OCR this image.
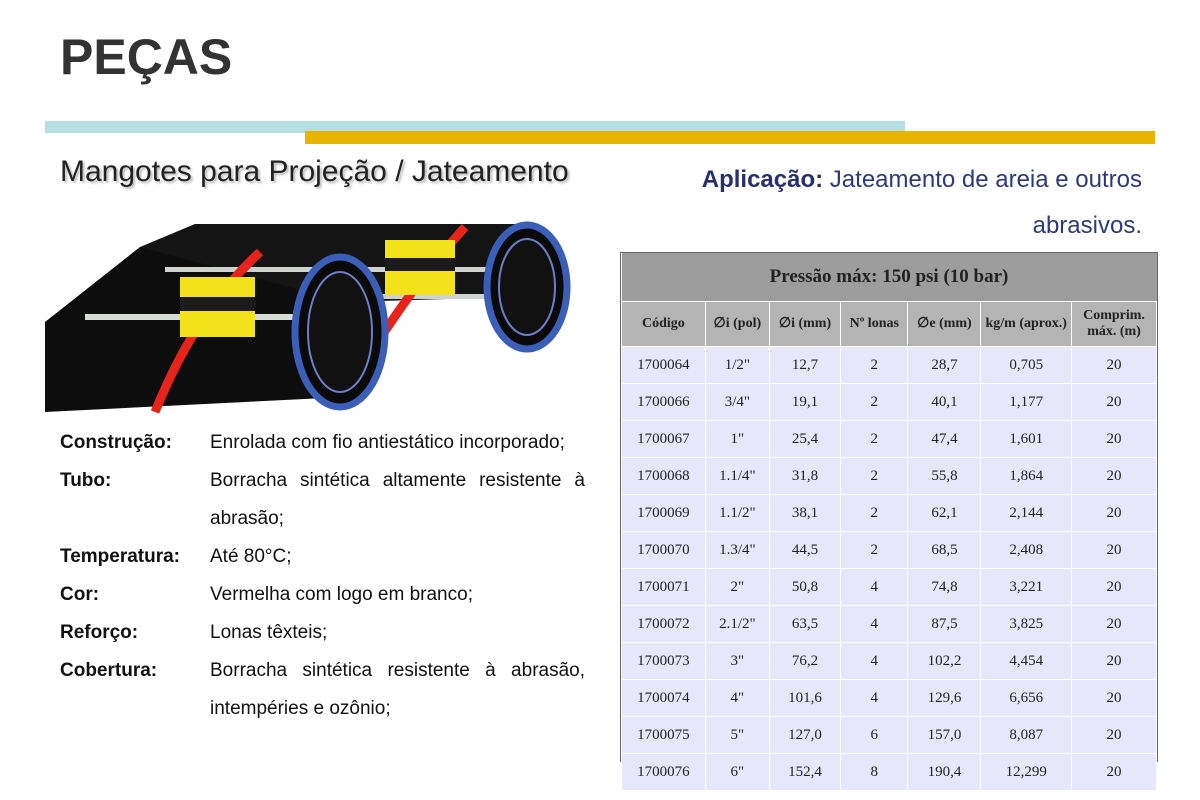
PEÇAS
Mangotes para Projeção / Jateamento	Aplicação: Jateamento de areia e outros abrasivos.
Construção:	Enrolada com fio antiestático incorporado;
Tubo:	Borracha sintética altamente resistente à abrasão;
Temperatura:	Até 80°C;
Cor:	Vermelha com logo em branco;
Reforço:	Lonas têxteis;
Cobertura:	Borracha sintética resistente à abrasão, intempéries e ozônio;
Pressão máx: 150 psi (10 bar)						
Código	∅i (pol)	∅i (mm)	Nº lonas	∅e (mm)	kg/m (aprox.)	Comprim. máx. (m)
1700064	1/2"	12,7	2	28,7	0,705	20
1700066	3/4"	19,1	2	40,1	1,177	20
1700067	1"	25,4	2	47,4	1,601	20
1700068	1.1/4"	31,8	2	55,8	1,864	20
1700069	1.1/2"	38,1	2	62,1	2,144	20
1700070	1.3/4"	44,5	2	68,5	2,408	20
1700071	2"	50,8	4	74,8	3,221	20
1700072	2.1/2"	63,5	4	87,5	3,825	20
1700073	3"	76,2	4	102,2	4,454	20
1700074	4"	101,6	4	129,6	6,656	20
1700075	5"	127,0	6	157,0	8,087	20
1700076	6"	152,4	8	190,4	12,299	20
